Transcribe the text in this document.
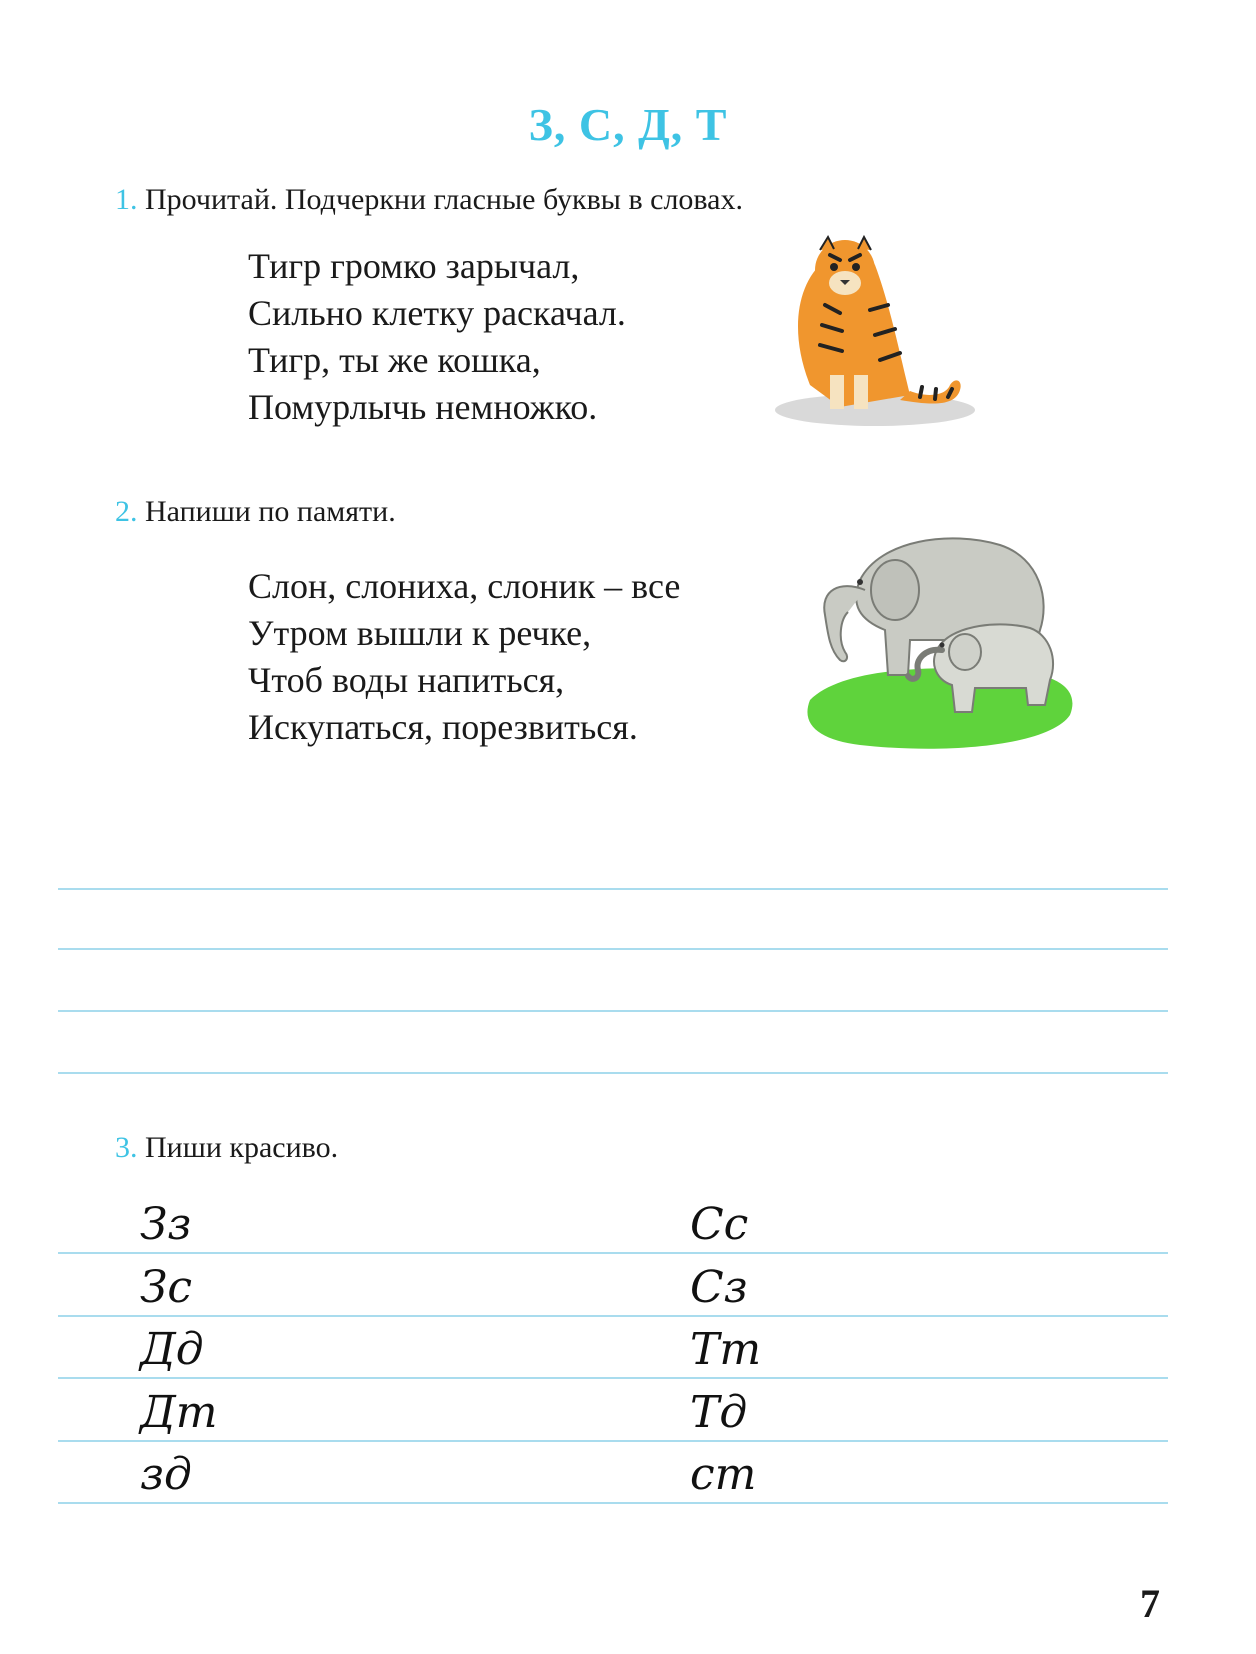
З, С, Д, Т
1. Прочитай. Подчеркни гласные буквы в словах.
Тигр громко зарычал,
Сильно клетку раскачал.
Тигр, ты же кошка,
Помурлычь немножко.
2. Напиши по памяти.
Слон, слониха, слоник – все
Утром вышли к речке,
Чтоб воды напиться,
Искупаться, порезвиться.
3. Пиши красиво.
Зз
Зс
Дд
Дт
зд
Сс
Сз
Тт
Тд
ст
7
